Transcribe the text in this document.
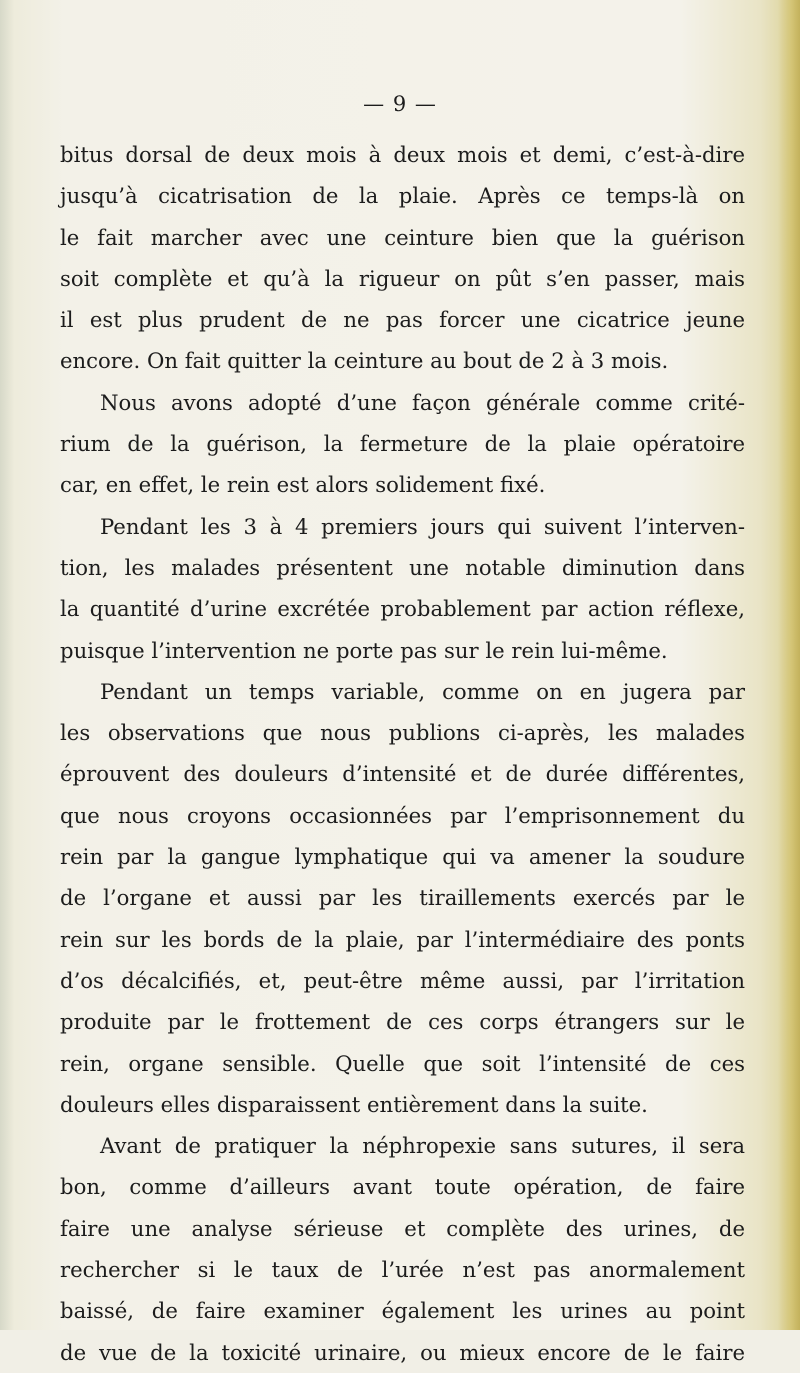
— 9 —
bitus dorsal de deux mois à deux mois et demi, c’est-à-dire
jusqu’à cicatrisation de la plaie. Après ce temps-là on
le fait marcher avec une ceinture bien que la guérison
soit complète et qu’à la rigueur on pût s’en passer, mais
il est plus prudent de ne pas forcer une cicatrice jeune
encore. On fait quitter la ceinture au bout de 2 à 3 mois.
Nous avons adopté d’une façon générale comme crité-
rium de la guérison, la fermeture de la plaie opératoire
car, en effet, le rein est alors solidement fixé.
Pendant les 3 à 4 premiers jours qui suivent l’interven-
tion, les malades présentent une notable diminution dans
la quantité d’urine excrétée probablement par action réflexe,
puisque l’intervention ne porte pas sur le rein lui-même.
Pendant un temps variable, comme on en jugera par
les observations que nous publions ci-après, les malades
éprouvent des douleurs d’intensité et de durée différentes,
que nous croyons occasionnées par l’emprisonnement du
rein par la gangue lymphatique qui va amener la soudure
de l’organe et aussi par les tiraillements exercés par le
rein sur les bords de la plaie, par l’intermédiaire des ponts
d’os décalcifiés, et, peut-être même aussi, par l’irritation
produite par le frottement de ces corps étrangers sur le
rein, organe sensible. Quelle que soit l’intensité de ces
douleurs elles disparaissent entièrement dans la suite.
Avant de pratiquer la néphropexie sans sutures, il sera
bon, comme d’ailleurs avant toute opération, de faire
faire une analyse sérieuse et complète des urines, de
rechercher si le taux de l’urée n’est pas anormalement
baissé, de faire examiner également les urines au point
de vue de la toxicité urinaire, ou mieux encore de le faire
